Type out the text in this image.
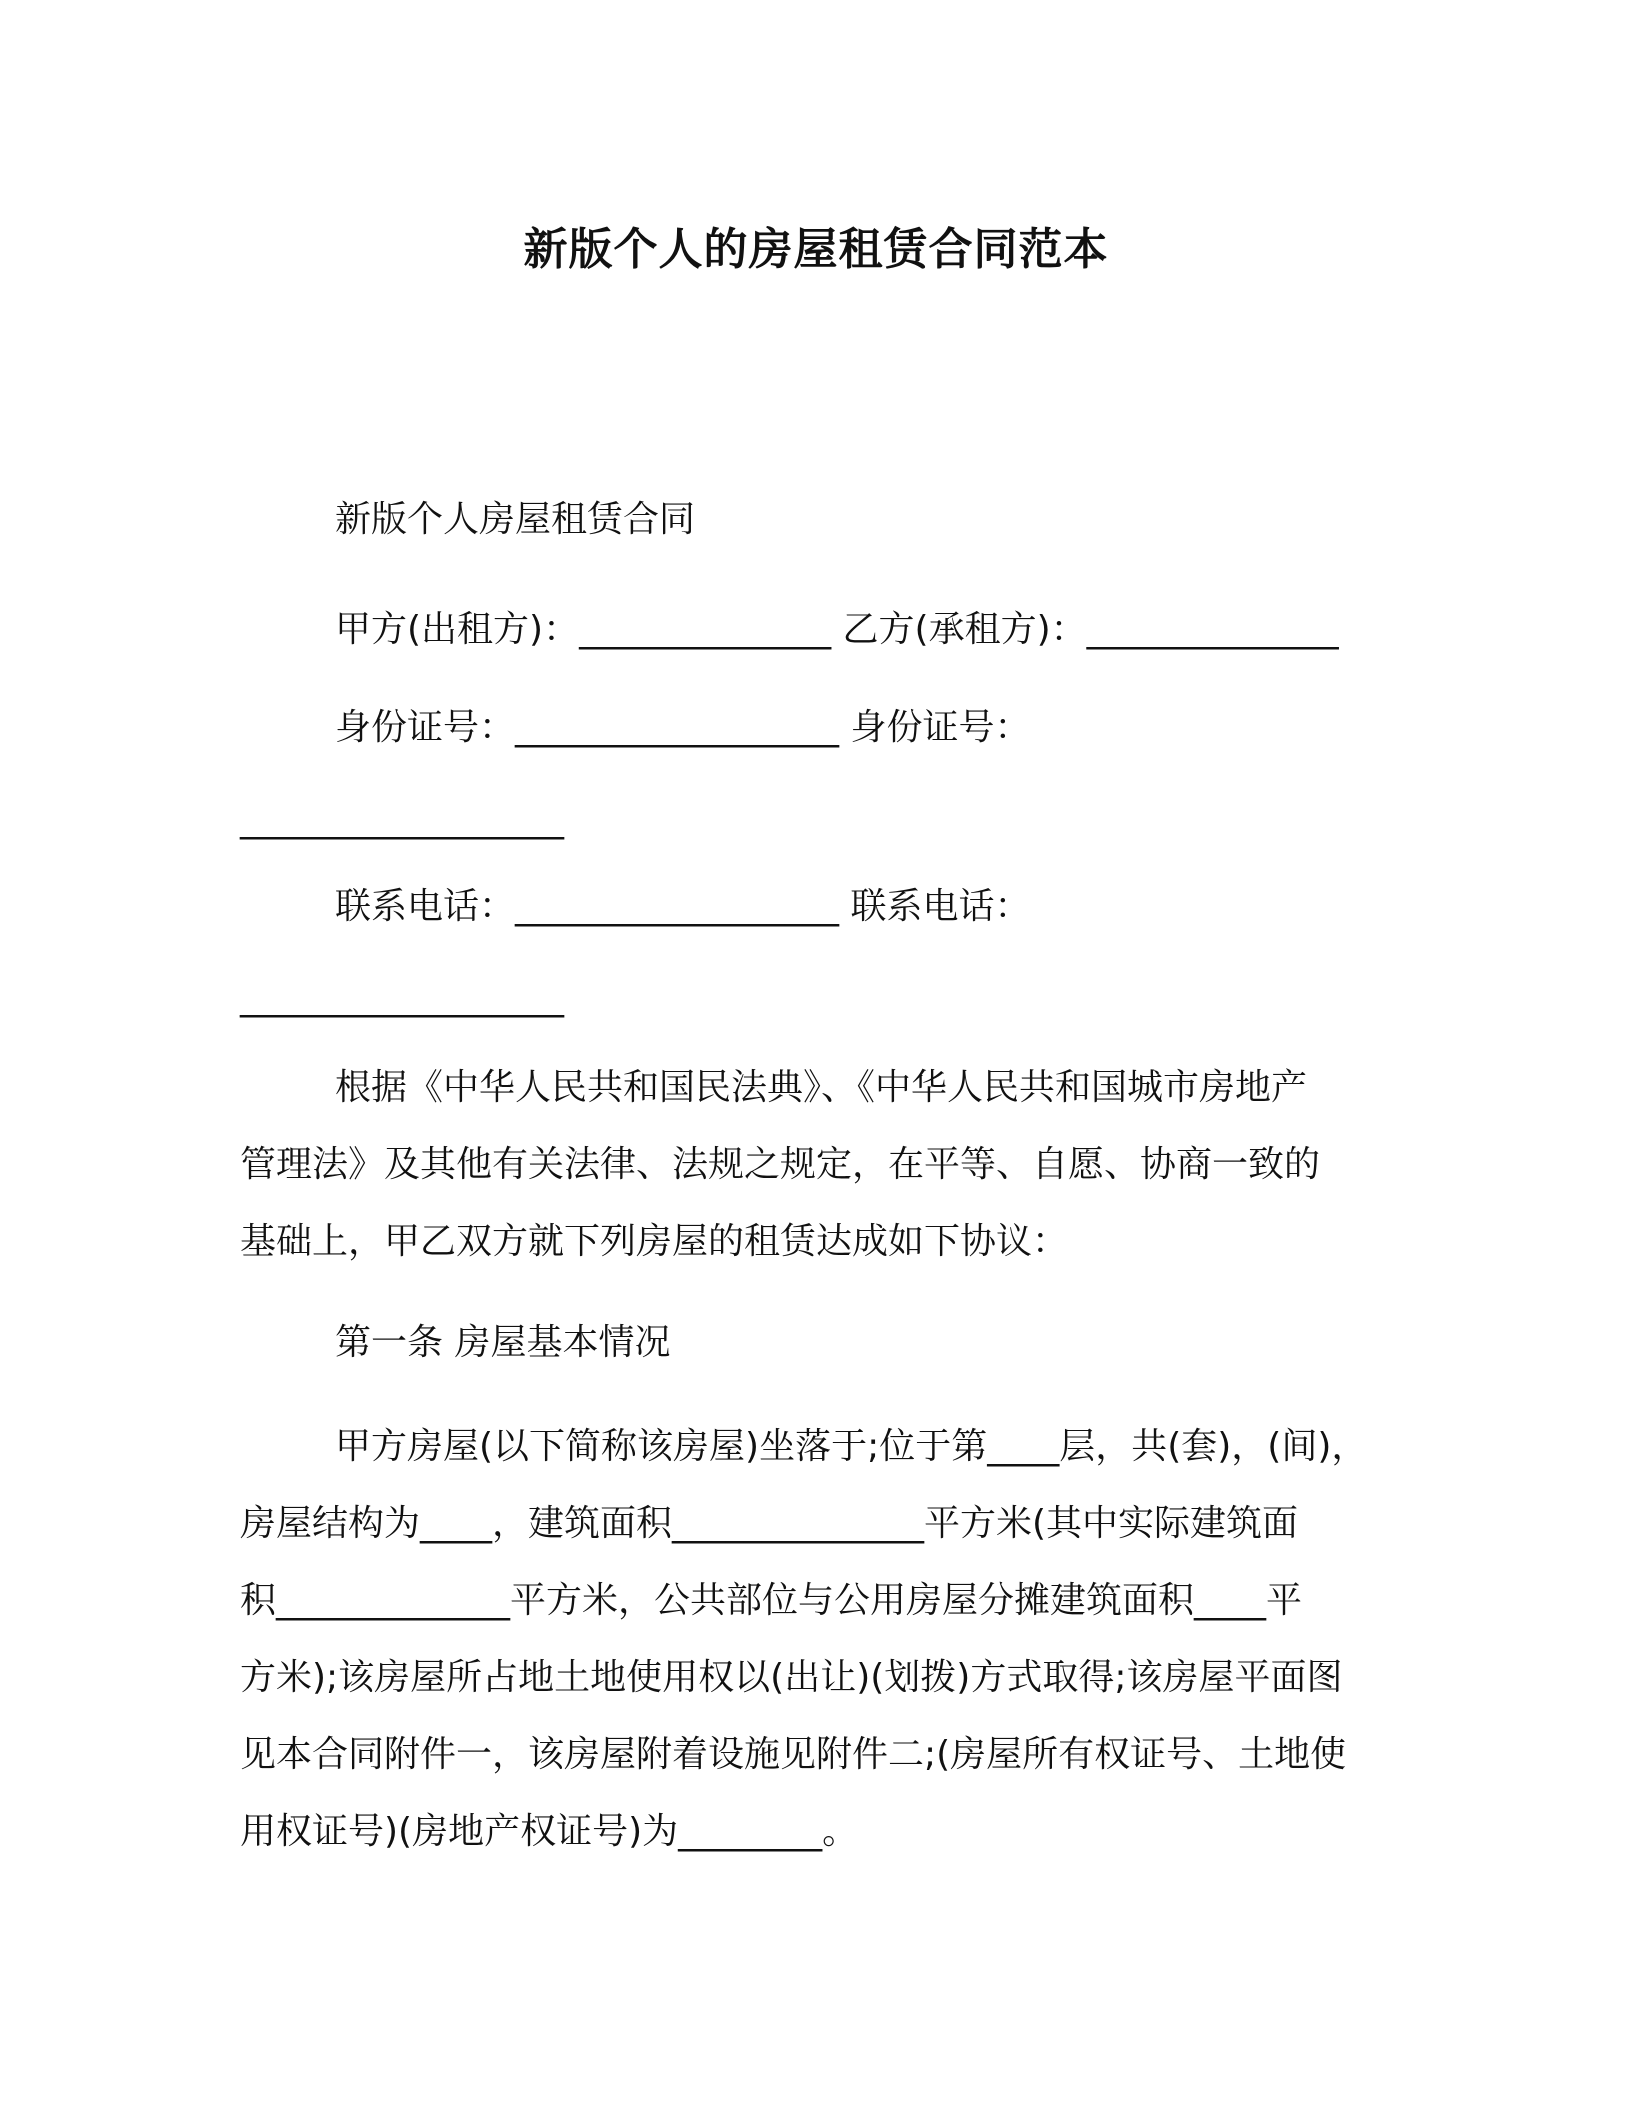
新版个人的房屋租赁合同范本
新版个人房屋租赁合同
甲方(出租方)：______________ 乙方(承租方)：______________
身份证号：__________________ 身份证号：
__________________
联系电话：__________________ 联系电话：
__________________
根据《中华人民共和国民法典》、《中华人民共和国城市房地产
管理法》及其他有关法律、法规之规定，在平等、自愿、协商一致的
基础上，甲乙双方就下列房屋的租赁达成如下协议：
第一条 房屋基本情况
甲方房屋(以下简称该房屋)坐落于;位于第____层，共(套)，(间)，
房屋结构为____，建筑面积______________平方米(其中实际建筑面
积_____________平方米，公共部位与公用房屋分摊建筑面积____平
方米);该房屋所占地土地使用权以(出让)(划拨)方式取得;该房屋平面图
见本合同附件一，该房屋附着设施见附件二;(房屋所有权证号、土地使
用权证号)(房地产权证号)为________。
